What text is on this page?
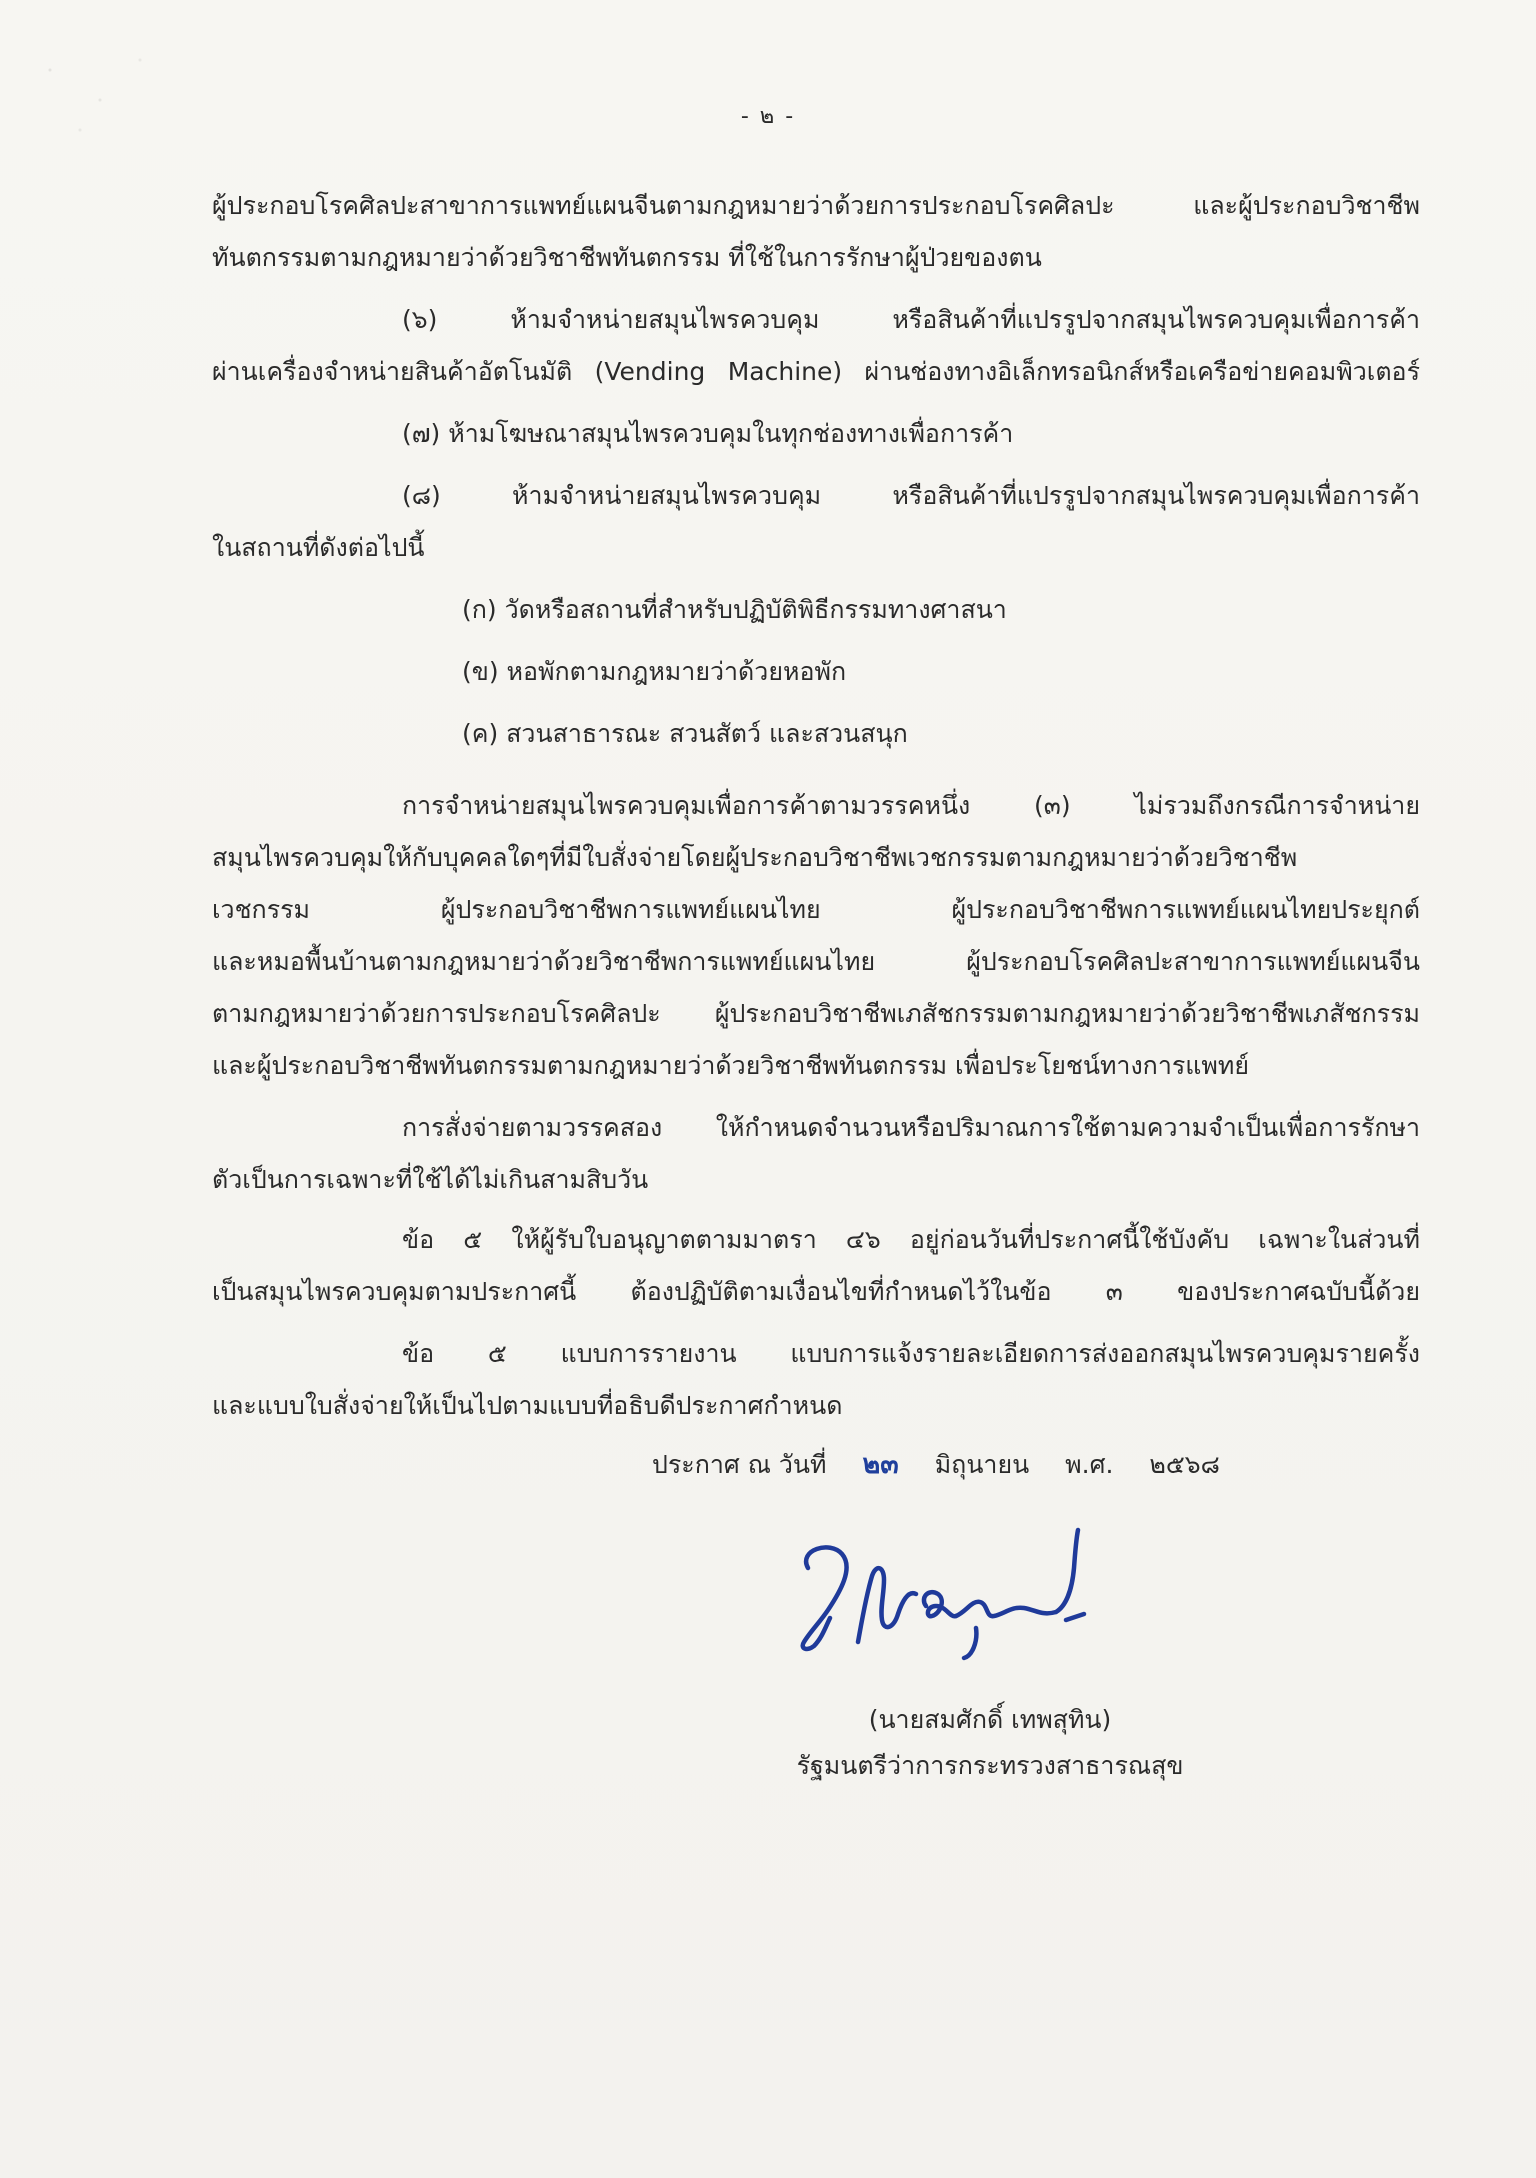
- ๒ -
ผู้ประกอบโรคศิลปะสาขาการแพทย์แผนจีนตามกฎหมายว่าด้วยการประกอบโรคศิลปะ และผู้ประกอบวิชาชีพ
ทันตกรรมตามกฎหมายว่าด้วยวิชาชีพทันตกรรม ที่ใช้ในการรักษาผู้ป่วยของตน
(๖) ห้ามจำหน่ายสมุนไพรควบคุม หรือสินค้าที่แปรรูปจากสมุนไพรควบคุมเพื่อการค้า
ผ่านเครื่องจำหน่ายสินค้าอัตโนมัติ (Vending Machine) ผ่านช่องทางอิเล็กทรอนิกส์หรือเครือข่ายคอมพิวเตอร์
(๗) ห้ามโฆษณาสมุนไพรควบคุมในทุกช่องทางเพื่อการค้า
(๘) ห้ามจำหน่ายสมุนไพรควบคุม หรือสินค้าที่แปรรูปจากสมุนไพรควบคุมเพื่อการค้า
ในสถานที่ดังต่อไปนี้
(ก) วัดหรือสถานที่สำหรับปฏิบัติพิธีกรรมทางศาสนา
(ข) หอพักตามกฎหมายว่าด้วยหอพัก
(ค) สวนสาธารณะ สวนสัตว์ และสวนสนุก
การจำหน่ายสมุนไพรควบคุมเพื่อการค้าตามวรรคหนึ่ง (๓) ไม่รวมถึงกรณีการจำหน่าย
สมุนไพรควบคุมให้กับบุคคลใดๆที่มีใบสั่งจ่ายโดยผู้ประกอบวิชาชีพเวชกรรมตามกฎหมายว่าด้วยวิชาชีพ
เวชกรรม ผู้ประกอบวิชาชีพการแพทย์แผนไทย ผู้ประกอบวิชาชีพการแพทย์แผนไทยประยุกต์
และหมอพื้นบ้านตามกฎหมายว่าด้วยวิชาชีพการแพทย์แผนไทย ผู้ประกอบโรคศิลปะสาขาการแพทย์แผนจีน
ตามกฎหมายว่าด้วยการประกอบโรคศิลปะ ผู้ประกอบวิชาชีพเภสัชกรรมตามกฎหมายว่าด้วยวิชาชีพเภสัชกรรม
และผู้ประกอบวิชาชีพทันตกรรมตามกฎหมายว่าด้วยวิชาชีพทันตกรรม เพื่อประโยชน์ทางการแพทย์
การสั่งจ่ายตามวรรคสอง ให้กำหนดจำนวนหรือปริมาณการใช้ตามความจำเป็นเพื่อการรักษา
ตัวเป็นการเฉพาะที่ใช้ได้ไม่เกินสามสิบวัน
ข้อ ๕ ให้ผู้รับใบอนุญาตตามมาตรา ๔๖ อยู่ก่อนวันที่ประกาศนี้ใช้บังคับ เฉพาะในส่วนที่
เป็นสมุนไพรควบคุมตามประกาศนี้ ต้องปฏิบัติตามเงื่อนไขที่กำหนดไว้ในข้อ ๓ ของประกาศฉบับนี้ด้วย
ข้อ ๕ แบบการรายงาน แบบการแจ้งรายละเอียดการส่งออกสมุนไพรควบคุมรายครั้ง
และแบบใบสั่งจ่ายให้เป็นไปตามแบบที่อธิบดีประกาศกำหนด
ประกาศ ณ วันที่ ๒๓ มิถุนายน พ.ศ. ๒๕๖๘
(นายสมศักดิ์ เทพสุทิน)
รัฐมนตรีว่าการกระทรวงสาธารณสุข
